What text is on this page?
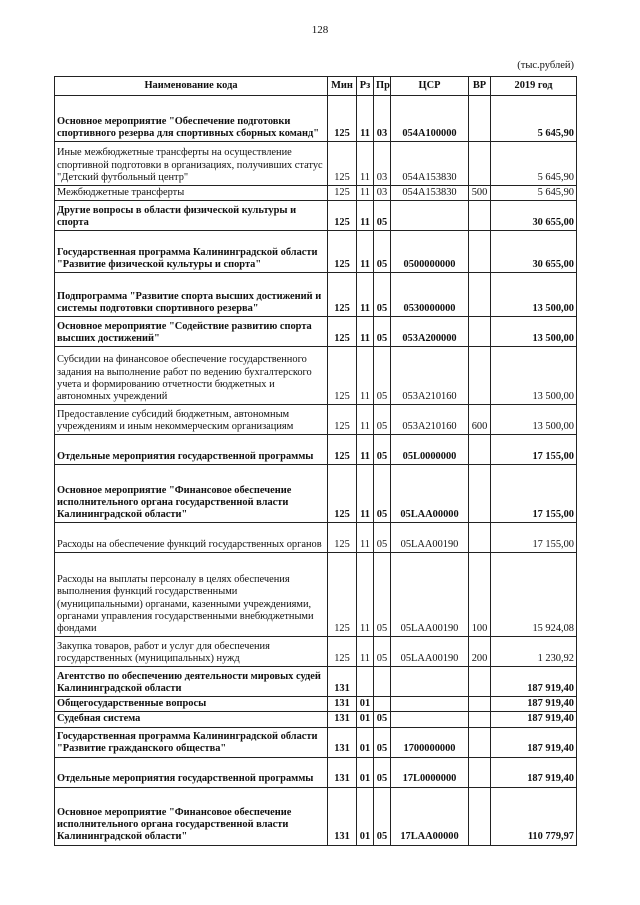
128
(тыс.рублей)
Наименование кода	Мин	Рз	Пр	ЦСР	ВР	2019 год
Основное мероприятие "Обеспечение подготовки спортивного резерва для спортивных сборных команд"	125	11	03	054A100000		5 645,90
Иные межбюджетные трансферты на осуществление спортивной подготовки в организациях, получивших статус "Детский футбольный центр"	125	11	03	054A153830		5 645,90
Межбюджетные трансферты	125	11	03	054A153830	500	5 645,90
Другие вопросы в области физической культуры и спорта	125	11	05			30 655,00
Государственная программа Калининградской области "Развитие физической культуры и спорта"	125	11	05	0500000000		30 655,00
Подпрограмма "Развитие спорта высших достижений и системы подготовки спортивного резерва"	125	11	05	0530000000		13 500,00
Основное мероприятие "Содействие развитию спорта высших достижений"	125	11	05	053A200000		13 500,00
Субсидии на финансовое обеспечение государственного задания на выполнение работ по ведению бухгалтерского учета и формированию отчетности бюджетных и автономных учреждений	125	11	05	053A210160		13 500,00
Предоставление субсидий бюджетным, автономным учреждениям и иным некоммерческим организациям	125	11	05	053A210160	600	13 500,00
Отдельные мероприятия государственной программы	125	11	05	05L0000000		17 155,00
Основное мероприятие "Финансовое обеспечение исполнительного органа государственной власти Калининградской области"	125	11	05	05LAA00000		17 155,00
Расходы на обеспечение функций государственных органов	125	11	05	05LAA00190		17 155,00
Расходы на выплаты персоналу в целях обеспечения выполнения функций государственными (муниципальными) органами, казенными учреждениями, органами управления государственными внебюджетными фондами	125	11	05	05LAA00190	100	15 924,08
Закупка товаров, работ и услуг для обеспечения государственных (муниципальных) нужд	125	11	05	05LAA00190	200	1 230,92
Агентство по обеспечению деятельности мировых судей Калининградской области	131					187 919,40
Общегосударственные вопросы	131	01				187 919,40
Судебная система	131	01	05			187 919,40
Государственная программа Калининградской области "Развитие гражданского общества"	131	01	05	1700000000		187 919,40
Отдельные мероприятия государственной программы	131	01	05	17L0000000		187 919,40
Основное мероприятие "Финансовое обеспечение исполнительного органа государственной власти Калининградской области"	131	01	05	17LAA00000		110 779,97
